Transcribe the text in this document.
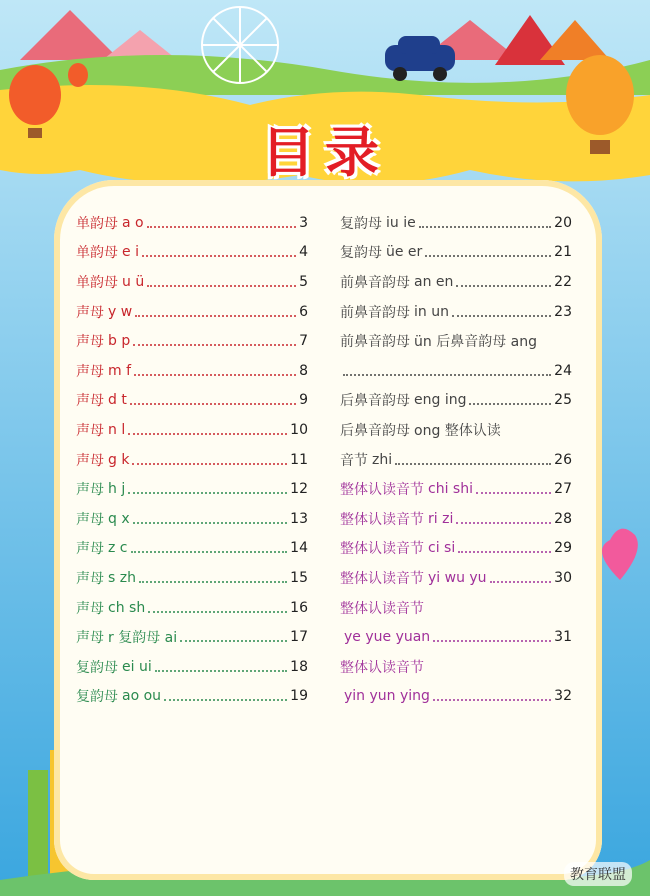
目录
单韵母 a o	3
单韵母 e i	4
单韵母 u ü	5
声母 y w	6
声母 b p	7
声母 m f	8
声母 d t	9
声母 n l	10
声母 g k	11
声母 h j	12
声母 q x	13
声母 z c	14
声母 s zh	15
声母 ch sh	16
声母 r 复韵母 ai	17
复韵母 ei ui	18
复韵母 ao ou	19
复韵母 iu ie	20
复韵母 üe er	21
前鼻音韵母 an en	22
前鼻音韵母 in un	23
前鼻音韵母 ün 后鼻音韵母 ang
24
后鼻音韵母 eng ing	25
后鼻音韵母 ong 整体认读
音节 zhi	26
整体认读音节 chi shi	27
整体认读音节 ri zi	28
整体认读音节 ci si	29
整体认读音节 yi wu yu	30
整体认读音节
ye yue yuan	31
整体认读音节
yin yun ying	32
教育联盟
